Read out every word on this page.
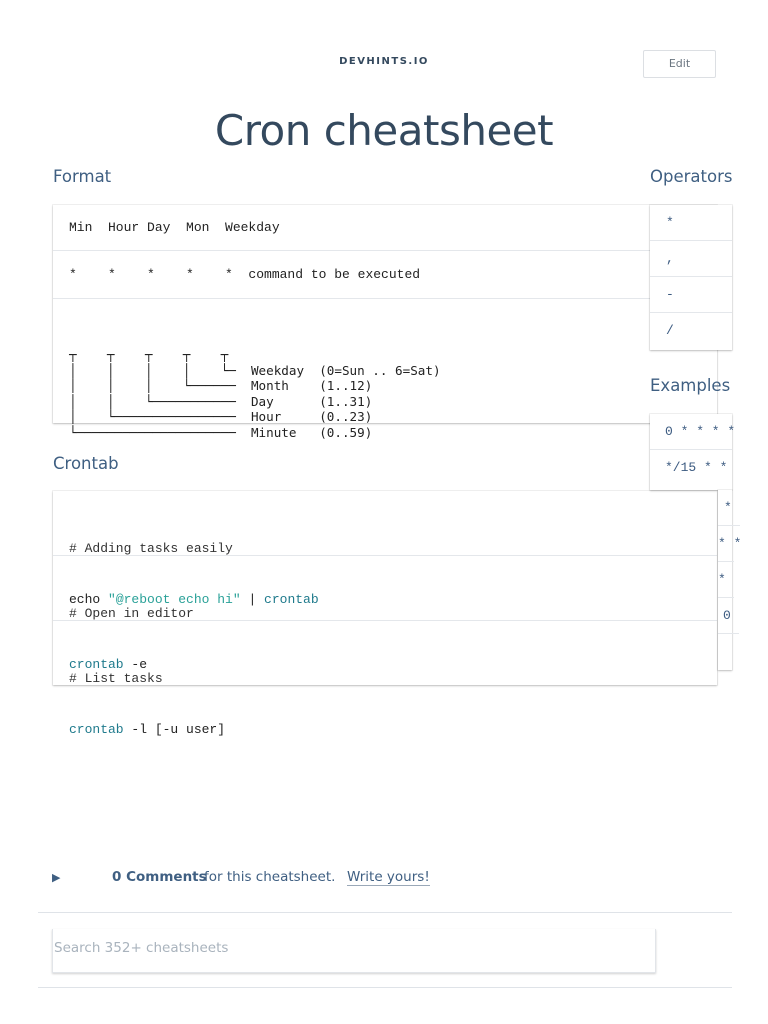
DEVHINTS.IO	Edit
Cron cheatsheet
Format
Min  Hour Day  Mon  Weekday
*    *    *    *    *  command to be executed

┬    ┬    ┬    ┬    ┬
│    │    │    │    └─  Weekday  (0=Sun .. 6=Sat)
│    │    │    └──────  Month    (1..12)
│    │    └───────────  Day      (1..31)
│    └────────────────  Hour     (0..23)
└─────────────────────  Minute   (0..59)

Crontab

# Adding tasks easily

echo "@reboot echo hi" | crontab

# Open in editor

crontab -e

# List tasks

crontab -l [-u user]

Operators
*
,
-
/
Examples
0 * * * *
*/15 * *
*
* *
*
0
▶	0 Comments
for this cheatsheet. Write yours!
Search 352+ cheatsheets
